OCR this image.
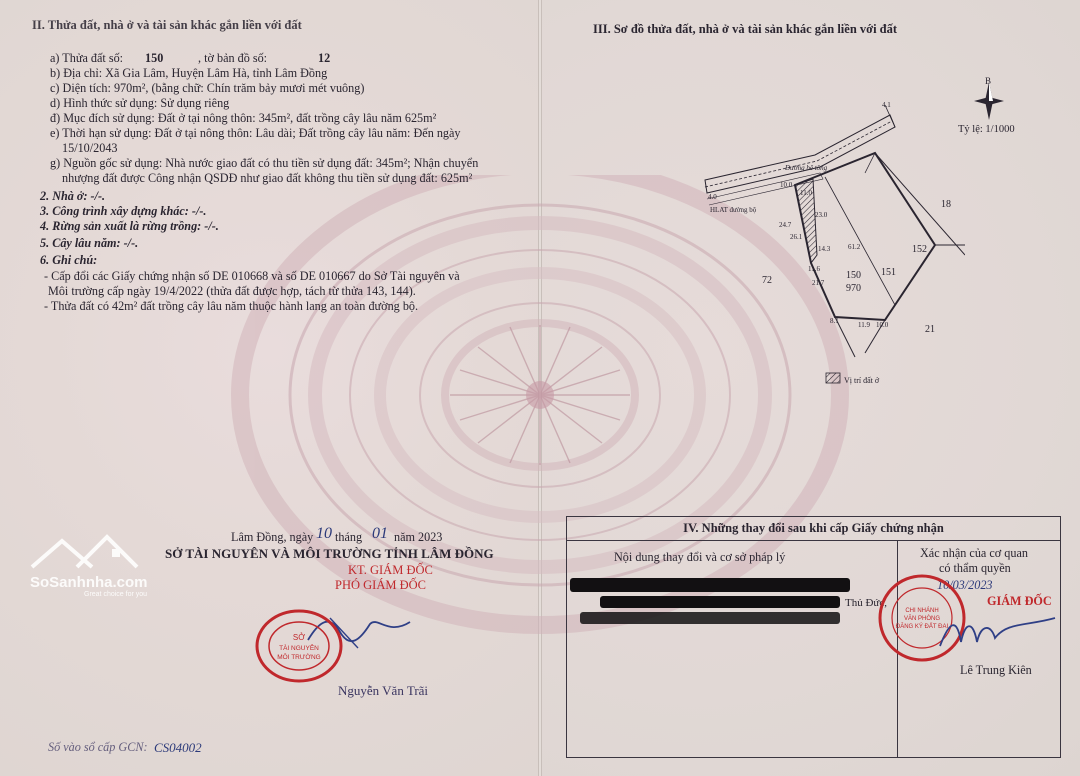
II. Thửa đất, nhà ở và tài sản khác gắn liền với đất
a) Thửa đất số: 150	, tờ bản đồ số:	12
b) Địa chỉ: Xã Gia Lâm, Huyện Lâm Hà, tỉnh Lâm Đồng
c) Diện tích: 970m², (bằng chữ: Chín trăm bảy mươi mét vuông)
d) Hình thức sử dụng: Sử dụng riêng
đ) Mục đích sử dụng: Đất ở tại nông thôn: 345m², đất trồng cây lâu năm 625m²
e) Thời hạn sử dụng: Đất ở tại nông thôn: Lâu dài; Đất trồng cây lâu năm: Đến ngày
15/10/2043
g) Nguồn gốc sử dụng: Nhà nước giao đất có thu tiền sử dụng đất: 345m²; Nhận chuyển
nhượng đất được Công nhận QSDĐ như giao đất không thu tiền sử dụng đất: 625m²
2. Nhà ở: -/-.
3. Công trình xây dựng khác: -/-.
4. Rừng sản xuất là rừng trồng: -/-.
5. Cây lâu năm: -/-.
6. Ghi chú:
- Cấp đổi các Giấy chứng nhận số DE 010668 và số DE 010667 do Sở Tài nguyên và
Môi trường cấp ngày 19/4/2022 (thửa đất được hợp, tách từ thửa 143, 144).
- Thửa đất có 42m² đất trồng cây lâu năm thuộc hành lang an toàn đường bộ.
Lâm Đồng, ngày 10 tháng 01 năm 2023
SỞ TÀI NGUYÊN VÀ MÔI TRƯỜNG TỈNH LÂM ĐỒNG
KT. GIÁM ĐỐC
PHÓ GIÁM ĐỐC
Nguyễn Văn Trãi
SỞ
TÀI NGUYÊN
MÔI TRƯỜNG
SoSanhnha.com
Great choice for you
Số vào sổ cấp GCN: CS04002
III. Sơ đồ thửa đất, nhà ở và tài sản khác gắn liền với đất
B
Tỷ lệ: 1/1000
Đường bê tông
HLAT đường bộ
4.1
4.0
10.0
11.0
24.7
26.1
23.0
14.3
11.6
21.7
61.2
8.1	11.9 10.0
150
970
18
152
151
72
21
Vị trí đất ở
IV. Những thay đổi sau khi cấp Giấy chứng nhận
Nội dung thay đổi và cơ sở pháp lý	Xác nhận của cơ quan
có thẩm quyền
Thủ Đức,
10/03/2023
GIÁM ĐỐC
CHI NHÁNH
VĂN PHÒNG
ĐĂNG KÝ ĐẤT ĐAI
Lê Trung Kiên
